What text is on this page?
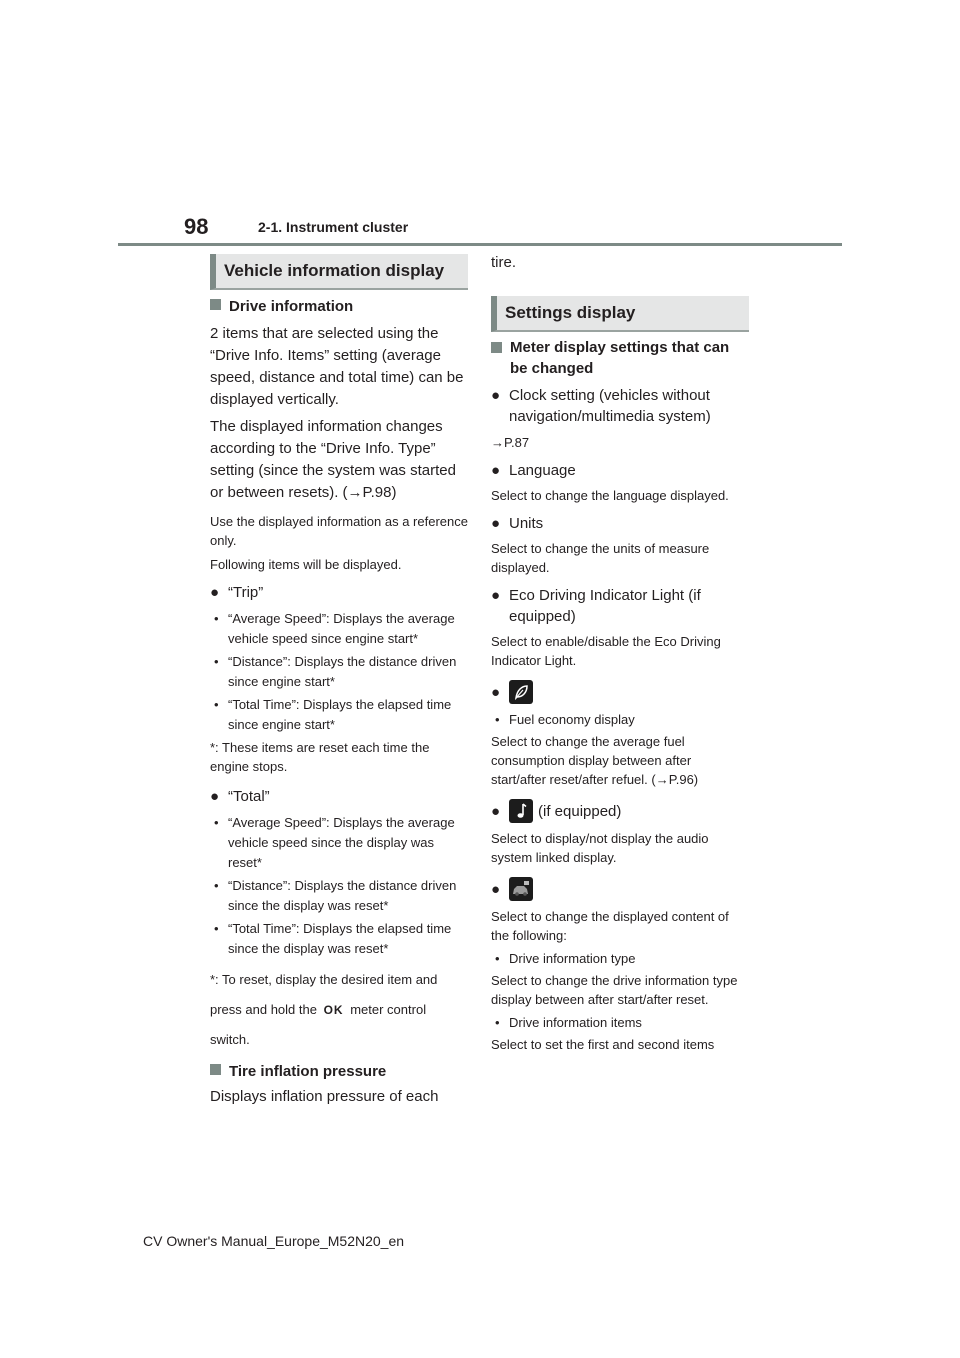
98	2-1. Instrument cluster
Vehicle information display

Drive information

2 items that are selected using the “Drive Info. Items” setting (average speed, distance and total time) can be displayed vertically.

The displayed information changes according to the “Drive Info. Type” setting (since the system was started or between resets). (→P.98)

Use the displayed information as a reference only.

Following items will be displayed.

● “Trip”
• “Average Speed”: Displays the average vehicle speed since engine start*
• “Distance”: Displays the distance driven since engine start*
• “Total Time”: Displays the elapsed time since engine start*

*: These items are reset each time the engine stops.

● “Total”
• “Average Speed”: Displays the average vehicle speed since the display was reset*
• “Distance”: Displays the distance driven since the display was reset*
• “Total Time”: Displays the elapsed time since the display was reset*

*: To reset, display the desired item and press and hold the OK meter control switch.

Tire inflation pressure

Displays inflation pressure of each

tire.
Settings display

Meter display settings that can be changed

● Clock setting (vehicles without navigation/multimedia system)

→P.87

● Language

Select to change the language displayed.

● Units

Select to change the units of measure displayed.

● Eco Driving Indicator Light (if equipped)

Select to enable/disable the Eco Driving Indicator Light.

●
• Fuel economy display

Select to change the average fuel consumption display between after start/after reset/after refuel. (→P.96)

●	(if equipped)

Select to display/not display the audio system linked display.

●

Select to change the displayed content of the following:

• Drive information type

Select to change the drive information type display between after start/after reset.

• Drive information items

Select to set the first and second items

CV Owner's Manual_Europe_M52N20_en
